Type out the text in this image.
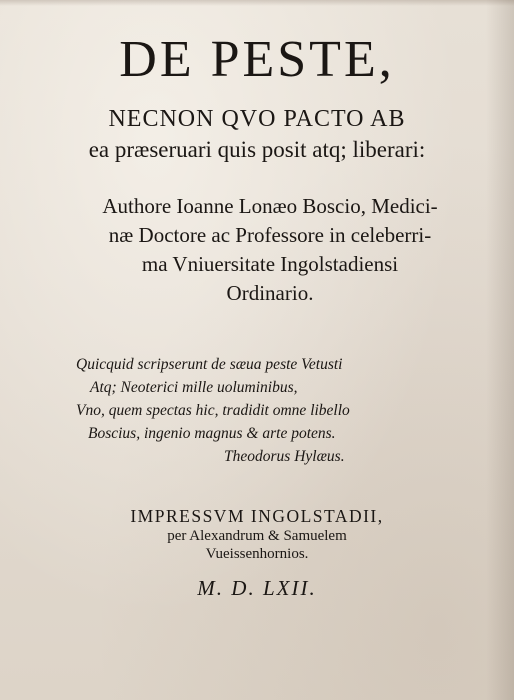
DE PESTE,
NECNON QVO PACTO AB
ea præseruari quis posit atq; liberari:
Authore Ioanne Lonæo Boscio, Medici-
næ Doctore ac Professore in celeberri-
ma Vniuersitate Ingolstadiensi
Ordinario.
Quicquid scripserunt de sæua peste Vetusti
Atq; Neoterici mille uoluminibus,
Vno, quem spectas hic, tradidit omne libello
Boscius, ingenio magnus & arte potens.
Theodorus Hylæus.
IMPRESSVM INGOLSTADII,
per Alexandrum & Samuelem
Vueissenhornios.
M. D. LXII.
